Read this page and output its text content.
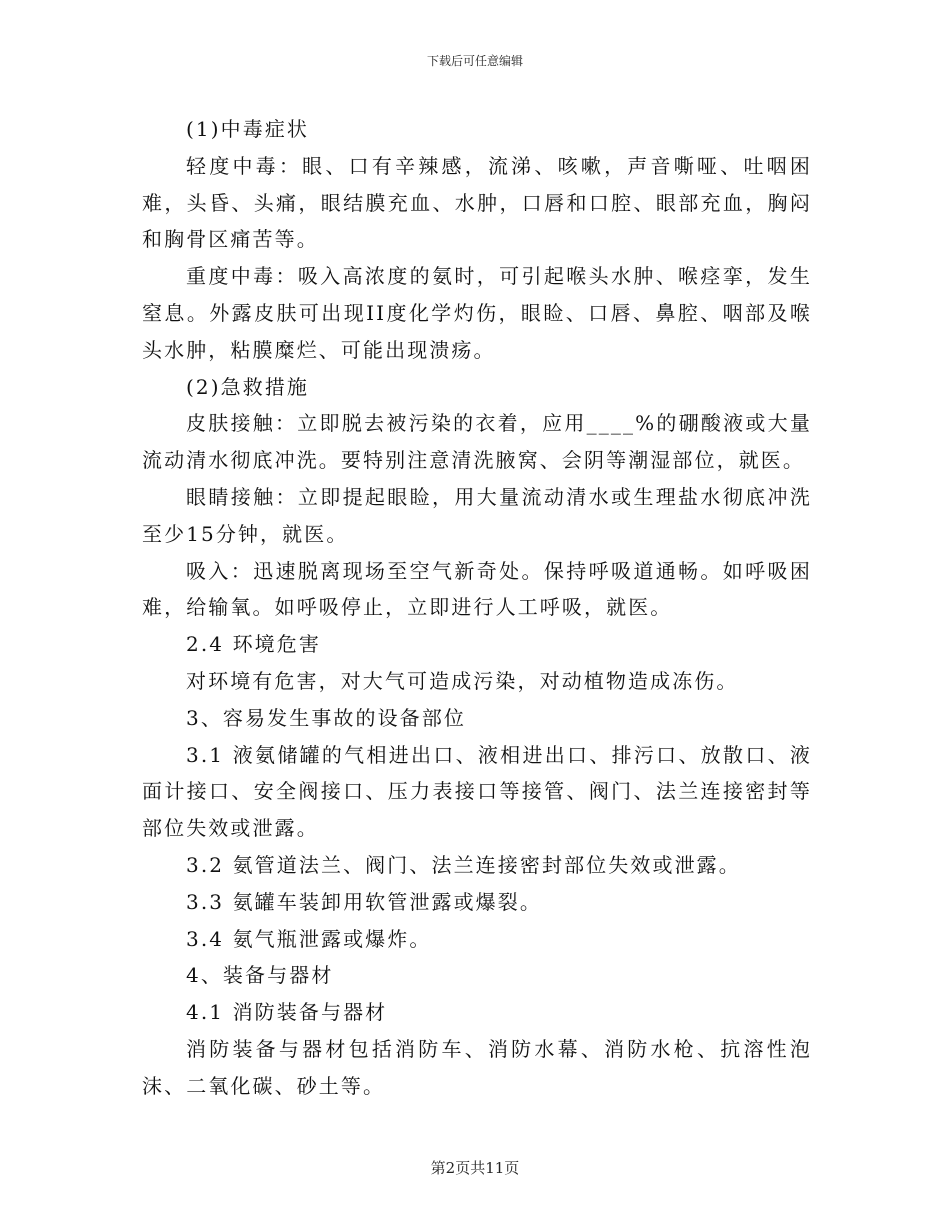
下载后可任意编辑

(1)中毒症状

轻度中毒：眼、口有辛辣感，流涕、咳嗽，声音嘶哑、吐咽困难，头昏、头痛，眼结膜充血、水肿，口唇和口腔、眼部充血，胸闷和胸骨区痛苦等。

重度中毒：吸入高浓度的氨时，可引起喉头水肿、喉痉挛，发生窒息。外露皮肤可出现II度化学灼伤，眼睑、口唇、鼻腔、咽部及喉头水肿，粘膜糜烂、可能出现溃疡。

(2)急救措施

皮肤接触：立即脱去被污染的衣着，应用____%的硼酸液或大量流动清水彻底冲洗。要特别注意清洗腋窝、会阴等潮湿部位，就医。

眼睛接触：立即提起眼睑，用大量流动清水或生理盐水彻底冲洗至少15分钟，就医。

吸入：迅速脱离现场至空气新奇处。保持呼吸道通畅。如呼吸困难，给输氧。如呼吸停止，立即进行人工呼吸，就医。

2.4 环境危害

对环境有危害，对大气可造成污染，对动植物造成冻伤。

3、容易发生事故的设备部位

3.1 液氨储罐的气相进出口、液相进出口、排污口、放散口、液面计接口、安全阀接口、压力表接口等接管、阀门、法兰连接密封等部位失效或泄露。

3.2 氨管道法兰、阀门、法兰连接密封部位失效或泄露。

3.3 氨罐车装卸用软管泄露或爆裂。

3.4 氨气瓶泄露或爆炸。

4、装备与器材

4.1 消防装备与器材

消防装备与器材包括消防车、消防水幕、消防水枪、抗溶性泡沫、二氧化碳、砂土等。

第2页共11页
